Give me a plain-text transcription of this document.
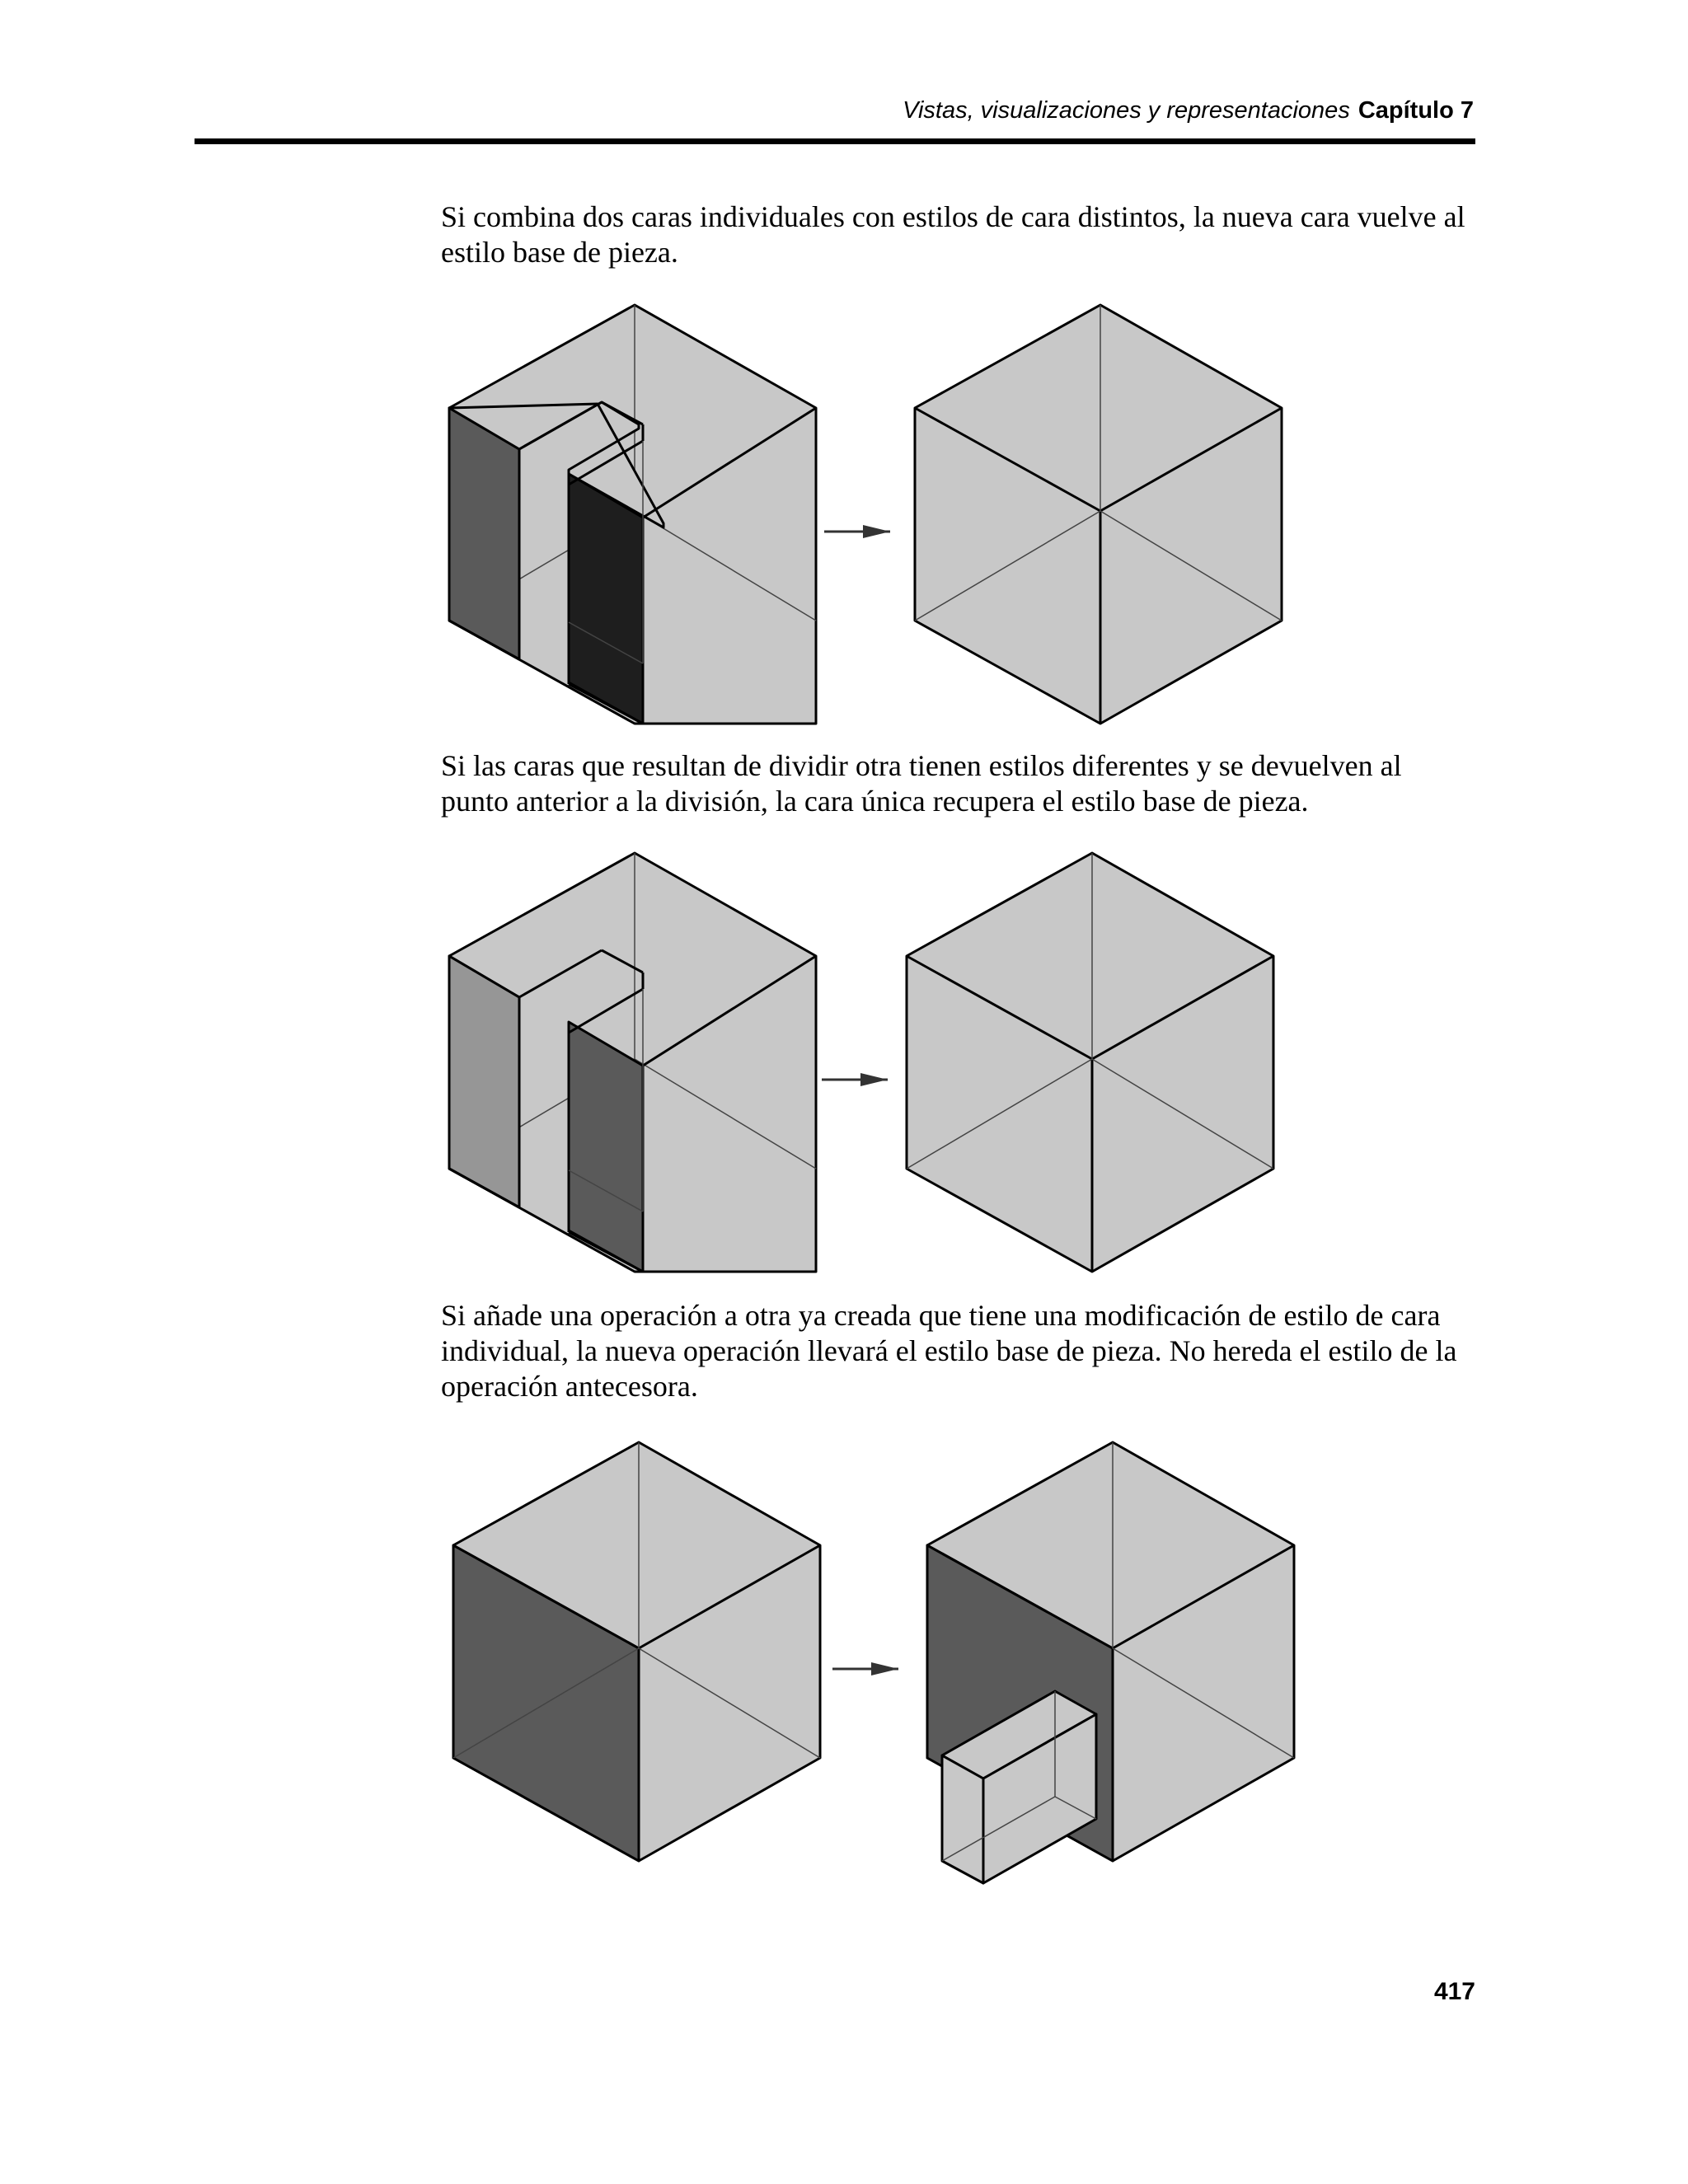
Vistas, visualizaciones y representaciones Capítulo 7

Si combina dos caras individuales con estilos de cara distintos, la nueva cara vuelve al estilo base de pieza.

Si las caras que resultan de dividir otra tienen estilos diferentes y se devuelven al punto anterior a la división, la cara única recupera el estilo base de pieza.

Si añade una operación a otra ya creada que tiene una modificación de estilo de cara individual, la nueva operación llevará el estilo base de pieza. No hereda el estilo de la operación antecesora.

417
